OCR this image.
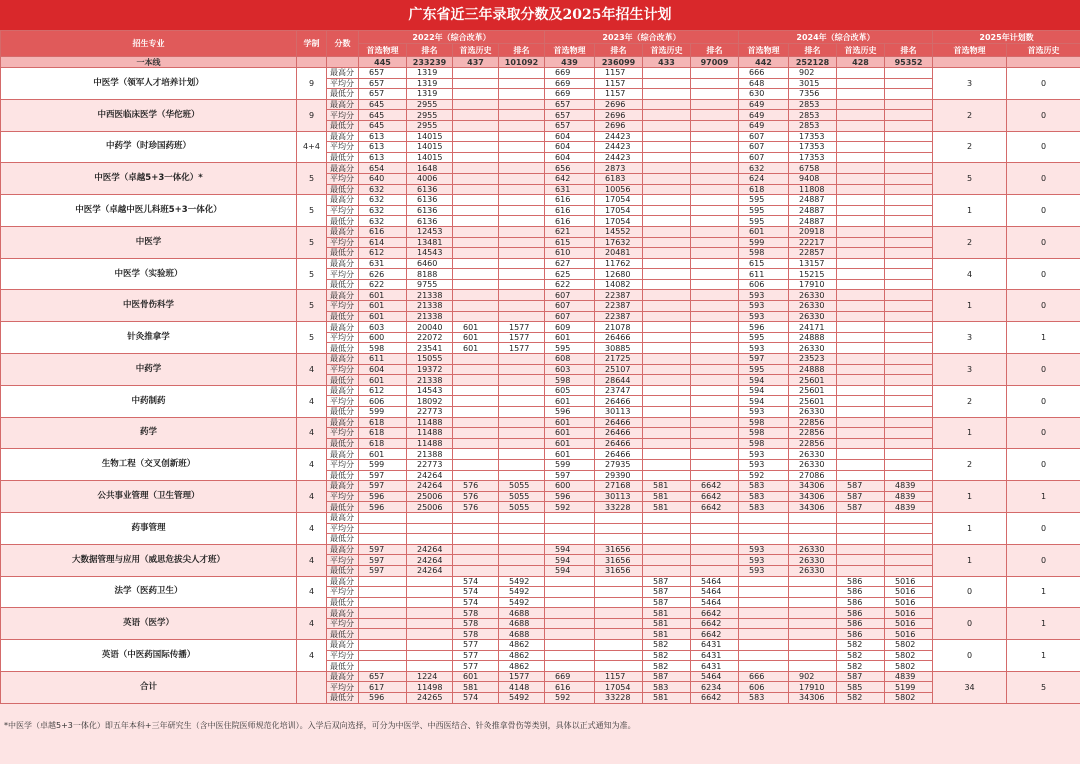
广东省近三年录取分数及2025年招生计划
招生专业	学制	分数	2022年（综合改革）				2023年（综合改革）				2024年（综合改革）				2025年计划数	
			首选物理	排名	首选历史	排名	首选物理	排名	首选历史	排名	首选物理	排名	首选历史	排名	首选物理	首选历史
一本线			445	233239	437	101092	439	236099	433	97009	442	252128	428	95352		
中医学（领军人才培养计划）	9	最高分	657	1319			669	1157			666	902			3	0
		平均分	657	1319			669	1157			648	3015				
		最低分	657	1319			669	1157			630	7356				
中西医临床医学（华佗班）	9	最高分	645	2955			657	2696			649	2853			2	0
		平均分	645	2955			657	2696			649	2853				
		最低分	645	2955			657	2696			649	2853				
中药学（时珍国药班）	4+4	最高分	613	14015			604	24423			607	17353			2	0
		平均分	613	14015			604	24423			607	17353				
		最低分	613	14015			604	24423			607	17353				
中医学（卓越5+3一体化）*	5	最高分	654	1648			656	2873			632	6758			5	0
		平均分	640	4006			642	6183			624	9408				
		最低分	632	6136			631	10056			618	11808				
中医学（卓越中医儿科班5+3一体化）	5	最高分	632	6136			616	17054			595	24887			1	0
		平均分	632	6136			616	17054			595	24887				
		最低分	632	6136			616	17054			595	24887				
中医学	5	最高分	616	12453			621	14552			601	20918			2	0
		平均分	614	13481			615	17632			599	22217				
		最低分	612	14543			610	20481			598	22857				
中医学（实验班）	5	最高分	631	6460			627	11762			615	13157			4	0
		平均分	626	8188			625	12680			611	15215				
		最低分	622	9755			622	14082			606	17910				
中医骨伤科学	5	最高分	601	21338			607	22387			593	26330			1	0
		平均分	601	21338			607	22387			593	26330				
		最低分	601	21338			607	22387			593	26330				
针灸推拿学	5	最高分	603	20040	601	1577	609	21078			596	24171			3	1
		平均分	600	22072	601	1577	601	26466			595	24888				
		最低分	598	23541	601	1577	595	30885			593	26330				
中药学	4	最高分	611	15055			608	21725			597	23523			3	0
		平均分	604	19372			603	25107			595	24888				
		最低分	601	21338			598	28644			594	25601				
中药制药	4	最高分	612	14543			605	23747			594	25601			2	0
		平均分	606	18092			601	26466			594	25601				
		最低分	599	22773			596	30113			593	26330				
药学	4	最高分	618	11488			601	26466			598	22856			1	0
		平均分	618	11488			601	26466			598	22856				
		最低分	618	11488			601	26466			598	22856				
生物工程（交叉创新班）	4	最高分	601	21388			601	26466			593	26330			2	0
		平均分	599	22773			599	27935			593	26330				
		最低分	597	24264			597	29390			592	27086				
公共事业管理（卫生管理）	4	最高分	597	24264	576	5055	600	27168	581	6642	583	34306	587	4839	1	1
		平均分	596	25006	576	5055	596	30113	581	6642	583	34306	587	4839		
		最低分	596	25006	576	5055	592	33228	581	6642	583	34306	587	4839		
药事管理	4	最高分													1	0
		平均分														
		最低分														
大数据管理与应用（威思危拔尖人才班）	4	最高分	597	24264			594	31656			593	26330			1	0
		平均分	597	24264			594	31656			593	26330				
		最低分	597	24264			594	31656			593	26330				
法学（医药卫生）	4	最高分			574	5492			587	5464			586	5016	0	1
		平均分			574	5492			587	5464			586	5016		
		最低分			574	5492			587	5464			586	5016		
英语（医学）	4	最高分			578	4688			581	6642			586	5016	0	1
		平均分			578	4688			581	6642			586	5016		
		最低分			578	4688			581	6642			586	5016		
英语（中医药国际传播）	4	最高分			577	4862			582	6431			582	5802	0	1
		平均分			577	4862			582	6431			582	5802		
		最低分			577	4862			582	6431			582	5802		
合计		最高分	657	1224	601	1577	669	1157	587	5464	666	902	587	4839	34	5
		平均分	617	11498	581	4148	616	17054	583	6234	606	17910	585	5199		
		最低分	596	24265	574	5492	592	33228	581	6642	583	34306	582	5802		
*中医学（卓越5+3一体化）即五年本科+三年研究生（含中医住院医师规范化培训）。入学后双向选择，可分为中医学、中西医结合、针灸推拿骨伤等类别，具体以正式通知为准。
